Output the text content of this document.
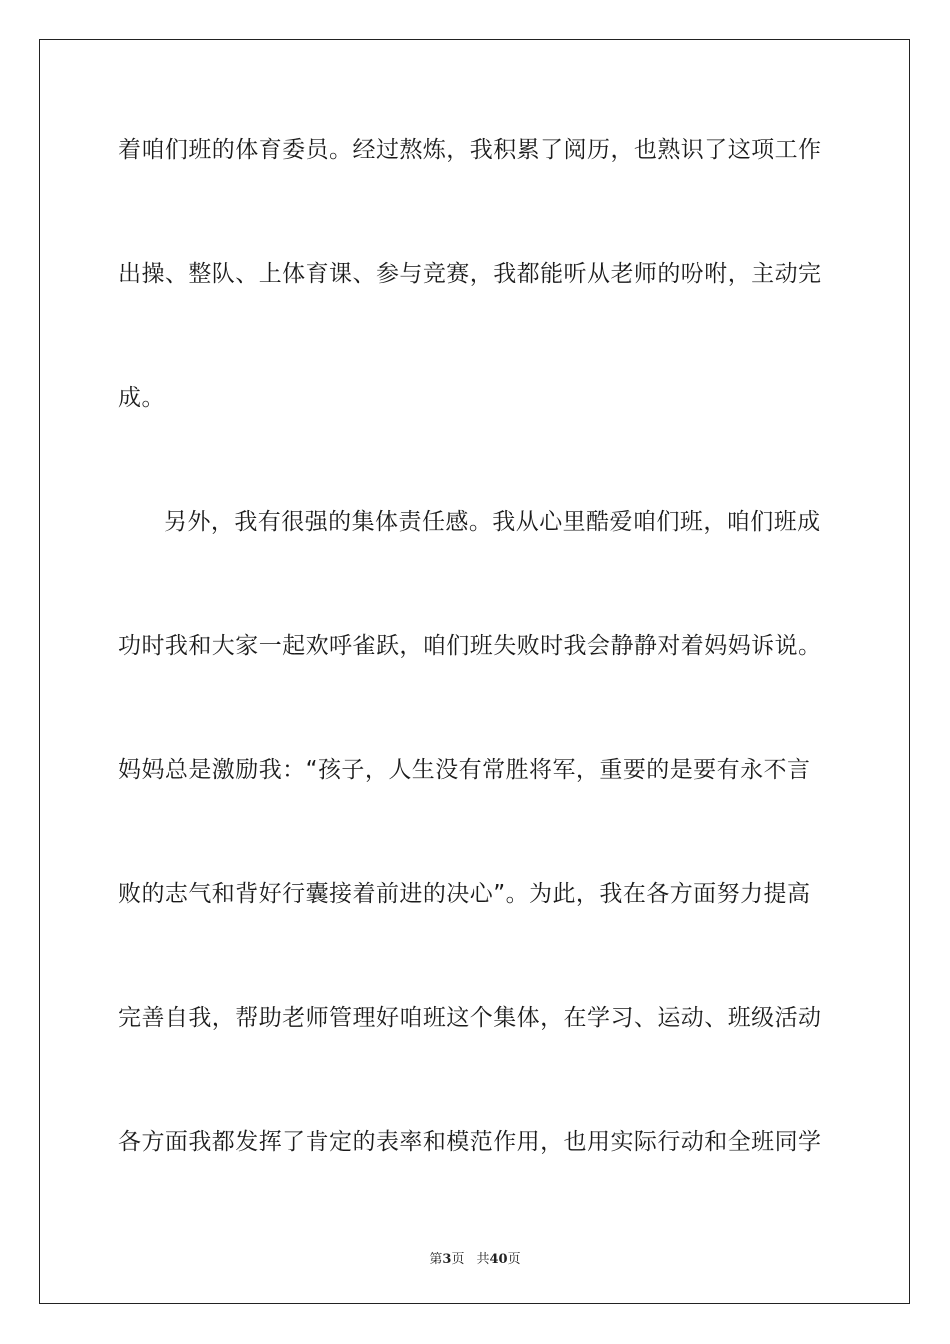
着咱们班的体育委员。经过熬炼，我积累了阅历，也熟识了这项工作
出操、整队、上体育课、参与竞赛，我都能听从老师的吩咐，主动完
成。
另外，我有很强的集体责任感。我从心里酷爱咱们班，咱们班成
功时我和大家一起欢呼雀跃，咱们班失败时我会静静对着妈妈诉说。
妈妈总是激励我：“孩子，人生没有常胜将军，重要的是要有永不言
败的志气和背好行囊接着前进的决心”。为此，我在各方面努力提高
完善自我，帮助老师管理好咱班这个集体，在学习、运动、班级活动
各方面我都发挥了肯定的表率和模范作用，也用实际行动和全班同学
第3页 共40页
